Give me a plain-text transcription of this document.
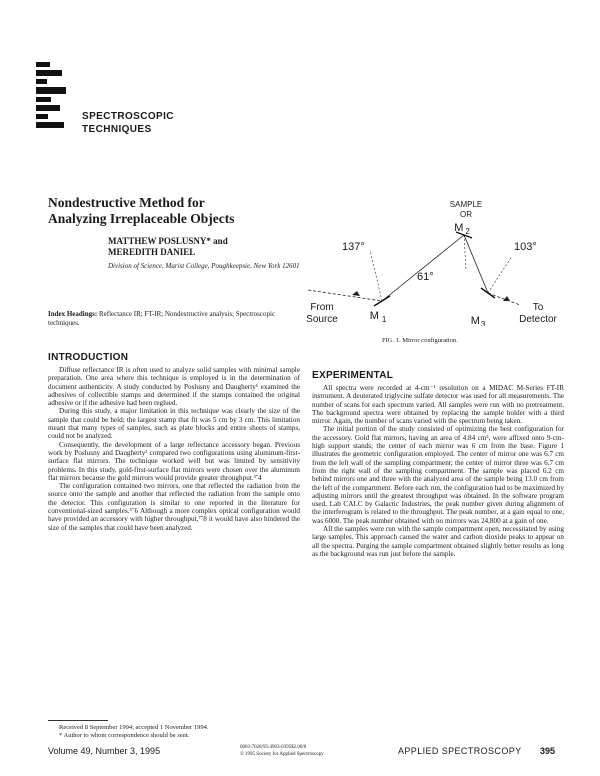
SPECTROSCOPIC
TECHNIQUES
Nondestructive Method for
Analyzing Irreplaceable Objects
MATTHEW POSLUSNY* and
MEREDITH DANIEL
Division of Science, Marist College, Poughkeepsie, New York 12601
Index Headings: Reflectance IR; FT-IR; Nondestructive analysis; Spectroscopic techniques.
SAMPLE
OR
M $_2$
137°
61°
103°
From
Source	M $_1$	$M_3$
To
Detector
FIG. 1. Mirror configuration.
INTRODUCTION

Diffuse reflectance IR is often used to analyze solid samples with minimal sample preparation. One area where this technique is employed is in the determination of document authenticity. A study conducted by Poslusny and Daugherty¹ examined the adhesives of collectible stamps and determined if the stamps contained the original adhesive or if the adhesive had been reglued.

During this study, a major limitation in this technique was clearly the size of the sample that could be held; the largest stamp that fit was 5 cm by 3 cm. This limitation meant that many types of samples, such as plate blocks and entire sheets of stamps, could not be analyzed.

Consequently, the development of a large reflectance accessory began. Previous work by Poslusny and Daugherty² compared two configurations using aluminum-first-surface flat mirrors. The technique worked well but was limited by sensitivity problems. In this study, gold-first-surface flat mirrors were chosen over the aluminum flat mirrors because the gold mirrors would provide greater throughput.³˘4

The configuration contained two mirrors, one that reflected the radiation from the source onto the sample and another that reflected the radiation from the sample onto the detector. This configuration is similar to one reported in the literature for conventional-sized samples.⁵˘6 Although a more complex optical configuration would have provided an accessory with higher throughput,⁷˘8 it would have also hindered the size of the samples that could have been analyzed.

Received 8 September 1994; accepted 1 November 1994.
* Author to whom correspondence should be sent.
EXPERIMENTAL

All spectra were recorded at 4-cm⁻¹ resolution on a MIDAC M-Series FT-IR instrument. A deuterated triglycine sulfate detector was used for all measurements. The number of scans for each spectrum varied. All samples were run with no pretreatment. The background spectra were obtained by replacing the sample holder with a third mirror. Again, the number of scans varied with the spectrum being taken.

The initial portion of the study consisted of optimizing the best configuration for the accessory. Gold flat mirrors, having an area of 4.84 cm², were affixed onto 9-cm-high support stands; the center of each mirror was 6 cm from the base. Figure 1 illustrates the geometric configuration employed. The center of mirror one was 6.7 cm from the left wall of the sampling compartment; the center of mirror three was 6.7 cm from the right wall of the sampling compartment. The sample was placed 6.2 cm behind mirrors one and three with the analyzed area of the sample being 13.0 cm from the left of the compartment. Before each run, the configuration had to be maximized by adjusting mirrors until the greatest throughput was obtained. In the software program used, Lab CALC by Galactic Industries, the peak number given during alignment of the interferogram is related to the throughput. The peak number, at a gain equal to one, was 6000. The peak number obtained with no mirrors was 24,800 at a gain of one.

All the samples were run with the sample compartment open, necessitated by using large samples. This approach caused the water and carbon dioxide peaks to appear on all the spectra. Purging the sample compartment obtained slightly better results as long as the background was run just before the sample.

Volume 49, Number 3, 1995	0003-7028/95/4903-0395$2.00/0
© 1995 Society for Applied Spectroscopy	APPLIED SPECTROSCOPY 395
